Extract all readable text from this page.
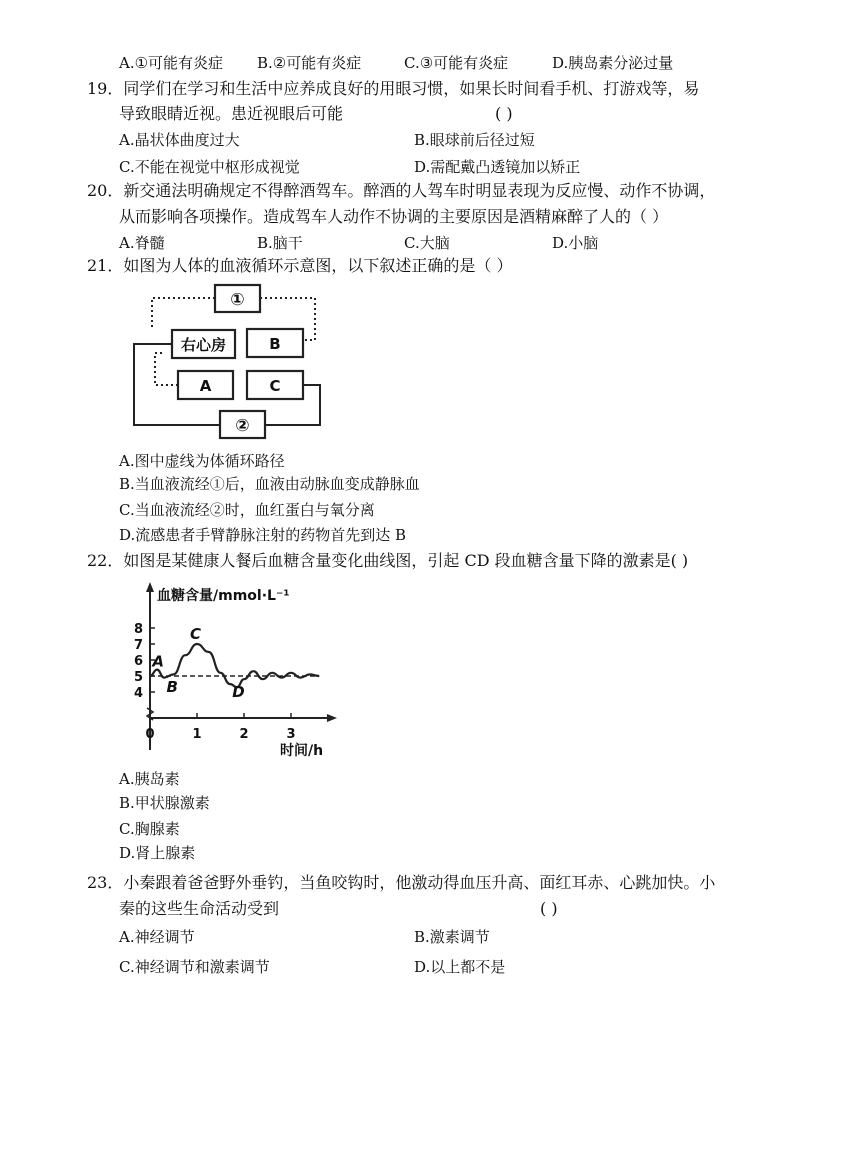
A.①可能有炎症 B.②可能有炎症	C.③可能有炎症	D.胰岛素分泌过量
19．同学们在学习和生活中应养成良好的用眼习惯，如果长时间看手机、打游戏等，易
导致眼睛近视。患近视眼后可能	( )
A.晶状体曲度过大	B.眼球前后径过短
C.不能在视觉中枢形成视觉	D.需配戴凸透镜加以矫正
20．新交通法明确规定不得醉酒驾车。醉酒的人驾车时明显表现为反应慢、动作不协调，
从而影响各项操作。造成驾车人动作不协调的主要原因是酒精麻醉了人的（ ）
A.脊髓	B.脑干	C.大脑	D.小脑
21．如图为人体的血液循环示意图，以下叙述正确的是（ ）
①
右心房	B
A	C
②
A.图中虚线为体循环路径
B.当血液流经①后，血液由动脉血变成静脉血
C.当血液流经②时，血红蛋白与氧分离
D.流感患者手臂静脉注射的药物首先到达 B
22．如图是某健康人餐后血糖含量变化曲线图，引起 CD 段血糖含量下降的激素是( )
血糖含量/mmol·L⁻¹
时间/h
0	1	2	3
4
5
6
7
8
A
B
C
D
A.胰岛素
B.甲状腺激素
C.胸腺素
D.肾上腺素
23．小秦跟着爸爸野外垂钓，当鱼咬钩时，他激动得血压升高、面红耳赤、心跳加快。小
秦的这些生命活动受到	( )
A.神经调节	B.激素调节
C.神经调节和激素调节	D.以上都不是
